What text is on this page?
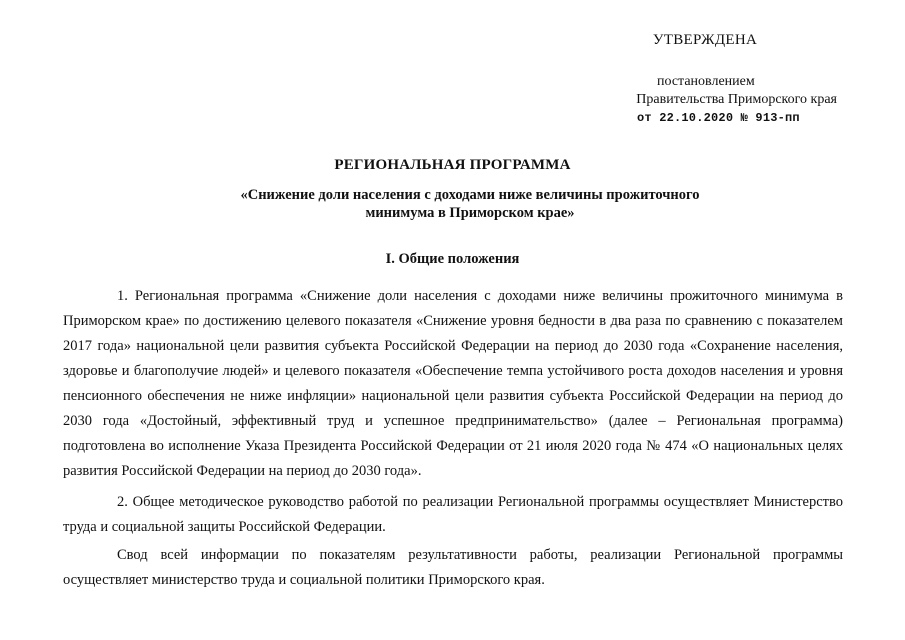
УТВЕРЖДЕНА
постановлением
Правительства Приморского края
от 22.10.2020 № 913-пп
РЕГИОНАЛЬНАЯ ПРОГРАММА
«Снижение доли населения с доходами ниже величины прожиточного минимума в Приморском крае»
I. Общие положения

1. Региональная программа «Снижение доли населения с доходами ниже величины прожиточного минимума в Приморском крае» по достижению целевого показателя «Снижение уровня бедности в два раза по сравнению с показателем 2017 года» национальной цели развития субъекта Российской Федерации на период до 2030 года «Сохранение населения, здоровье и благополучие людей» и целевого показателя «Обеспечение темпа устойчивого роста доходов населения и уровня пенсионного обеспечения не ниже инфляции» национальной цели развития субъекта Российской Федерации на период до 2030 года «Достойный, эффективный труд и успешное предпринимательство» (далее – Региональная программа) подготовлена во исполнение Указа Президента Российской Федерации от 21 июля 2020 года № 474 «О национальных целях развития Российской Федерации на период до 2030 года».

2. Общее методическое руководство работой по реализации Региональной программы осуществляет Министерство труда и социальной защиты Российской Федерации.

Свод всей информации по показателям результативности работы, реализации Региональной программы осуществляет министерство труда и социальной политики Приморского края.
